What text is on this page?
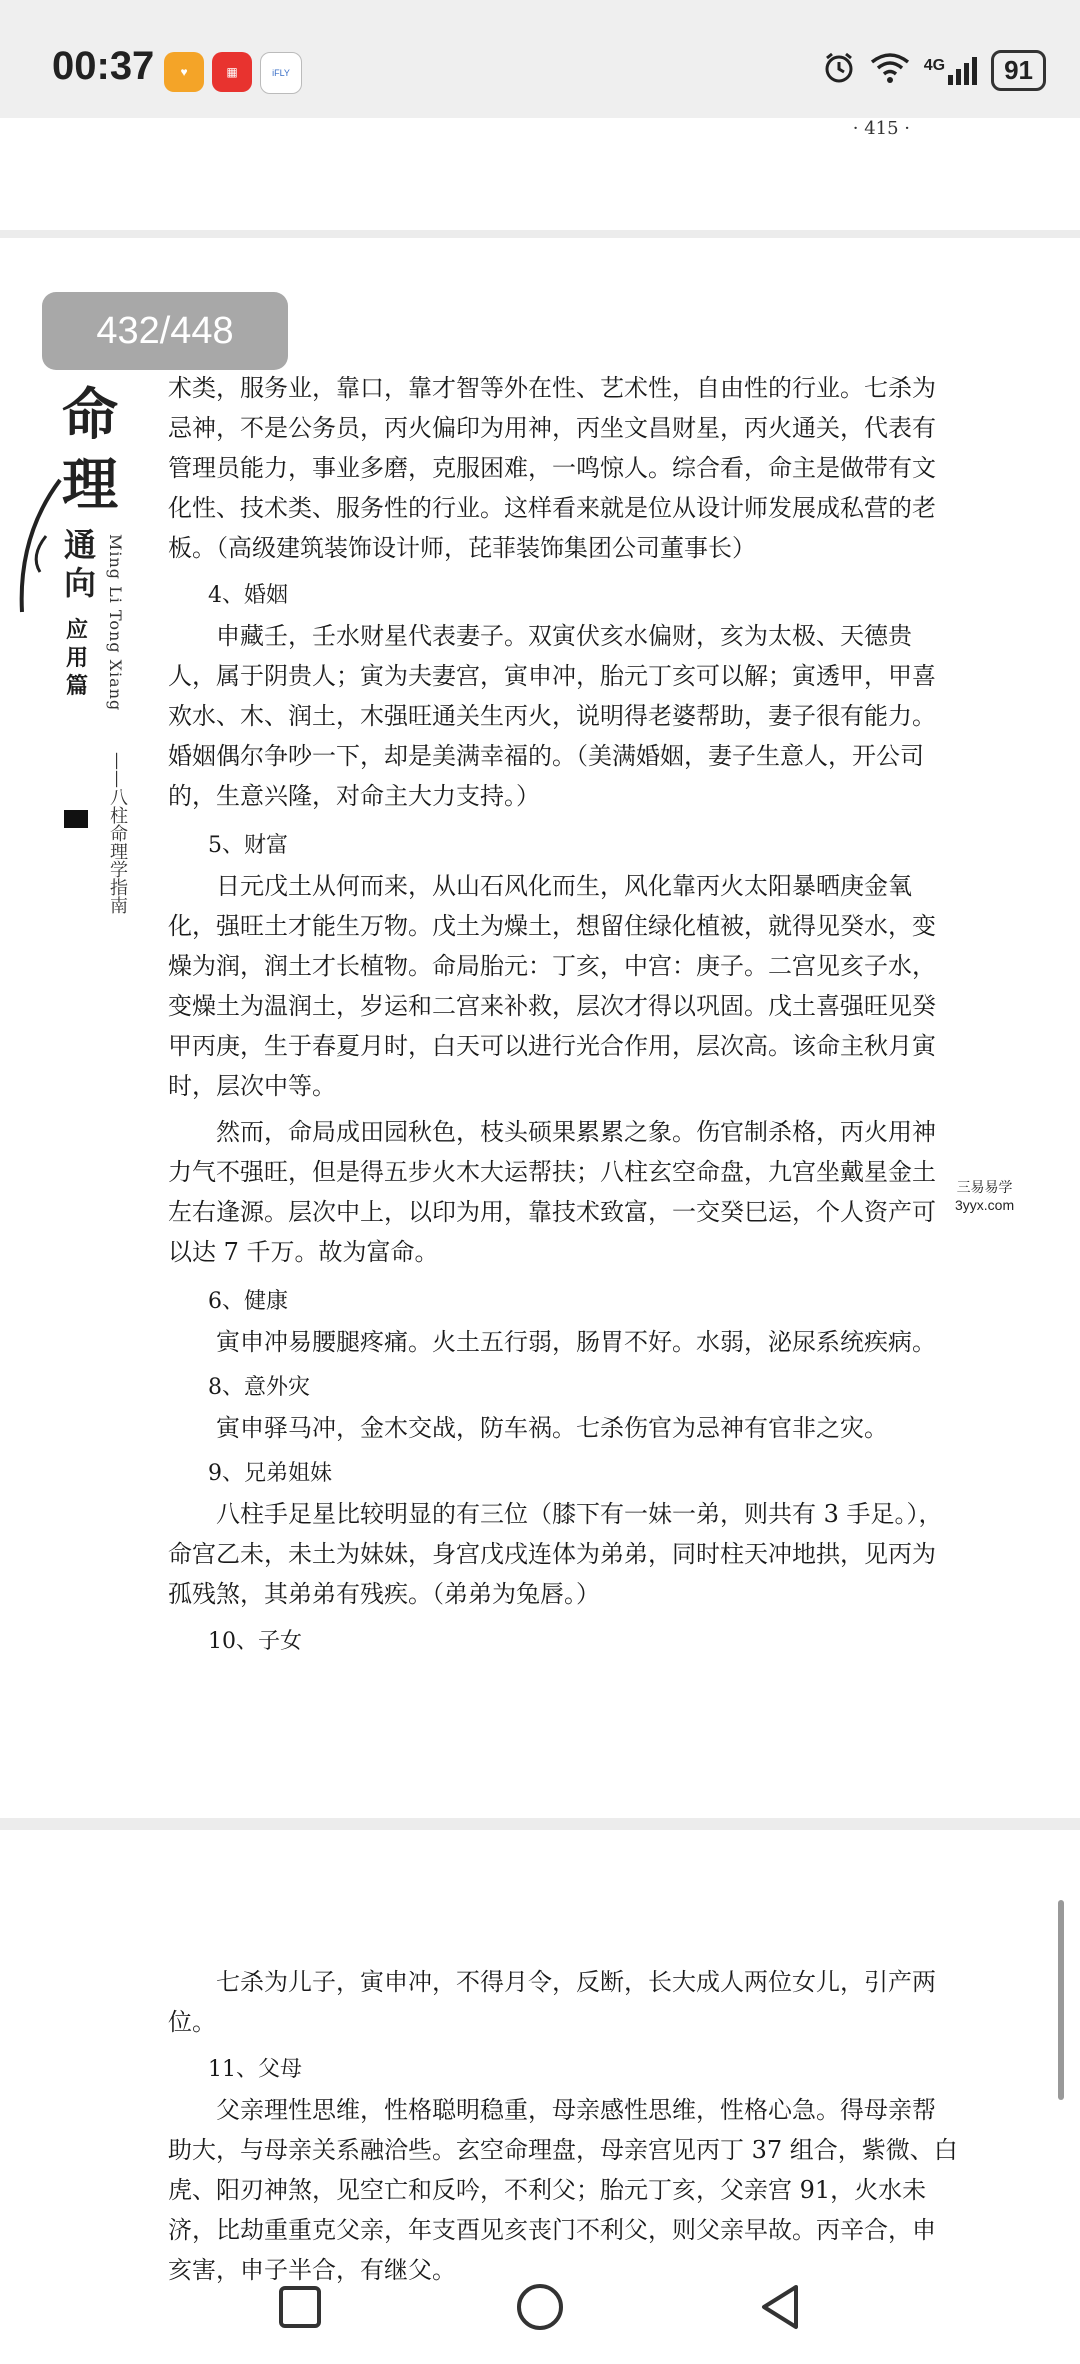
00:37	♥	▦	iFLY	4G	91
· 415 ·

术类，服务业，靠口，靠才智等外在性、艺术性，自由性的行业。七杀为忌神，不是公务员，丙火偏印为用神，丙坐文昌财星，丙火通关，代表有管理员能力，事业多磨，克服困难，一鸣惊人。综合看，命主是做带有文化性、技术类、服务性的行业。这样看来就是位从设计师发展成私营的老板。（高级建筑装饰设计师，芘菲装饰集团公司董事长）

4、婚姻

申藏壬，壬水财星代表妻子。双寅伏亥水偏财，亥为太极、天德贵人，属于阴贵人；寅为夫妻宫，寅申冲，胎元丁亥可以解；寅透甲，甲喜欢水、木、润土，木强旺通关生丙火，说明得老婆帮助，妻子很有能力。婚姻偶尔争吵一下，却是美满幸福的。（美满婚姻，妻子生意人，开公司的，生意兴隆，对命主大力支持。）

5、财富

日元戊土从何而来，从山石风化而生，风化靠丙火太阳暴晒庚金氧化，强旺土才能生万物。戊土为燥土，想留住绿化植被，就得见癸水，变燥为润，润土才长植物。命局胎元：丁亥，中宫：庚子。二宫见亥子水，变燥土为温润土，岁运和二宫来补救，层次才得以巩固。戊土喜强旺见癸甲丙庚，生于春夏月时，白天可以进行光合作用，层次高。该命主秋月寅时，层次中等。

然而，命局成田园秋色，枝头硕果累累之象。伤官制杀格，丙火用神力气不强旺，但是得五步火木大运帮扶；八柱玄空命盘，九宫坐戴星金土左右逢源。层次中上，以印为用，靠技术致富，一交癸巳运，个人资产可以达 7 千万。故为富命。

6、健康

寅申冲易腰腿疼痛。火土五行弱，肠胃不好。水弱，泌尿系统疾病。

8、意外灾

寅申驿马冲，金木交战，防车祸。七杀伤官为忌神有官非之灾。

9、兄弟姐妹

八柱手足星比较明显的有三位（膝下有一妹一弟，则共有 3 手足。），命宫乙未，未土为妹妹，身宫戊戌连体为弟弟，同时柱天冲地拱，见丙为孤残煞，其弟弟有残疾。（弟弟为兔唇。）

10、子女

命
理
通
向
应
用
篇	Ming Li Tong Xiang
——八柱命理学指南
432/448
三易易学
3yyx.com

七杀为儿子，寅申冲，不得月令，反断，长大成人两位女儿，引产两位。

11、父母

父亲理性思维，性格聪明稳重，母亲感性思维，性格心急。得母亲帮助大，与母亲关系融洽些。玄空命理盘，母亲宫见丙丁 37 组合，紫微、白虎、阳刃神煞，见空亡和反吟，不利父；胎元丁亥，父亲宫 91，火水未济，比劫重重克父亲，年支酉见亥丧门不利父，则父亲早故。丙辛合，申亥害，申子半合，有继父。
